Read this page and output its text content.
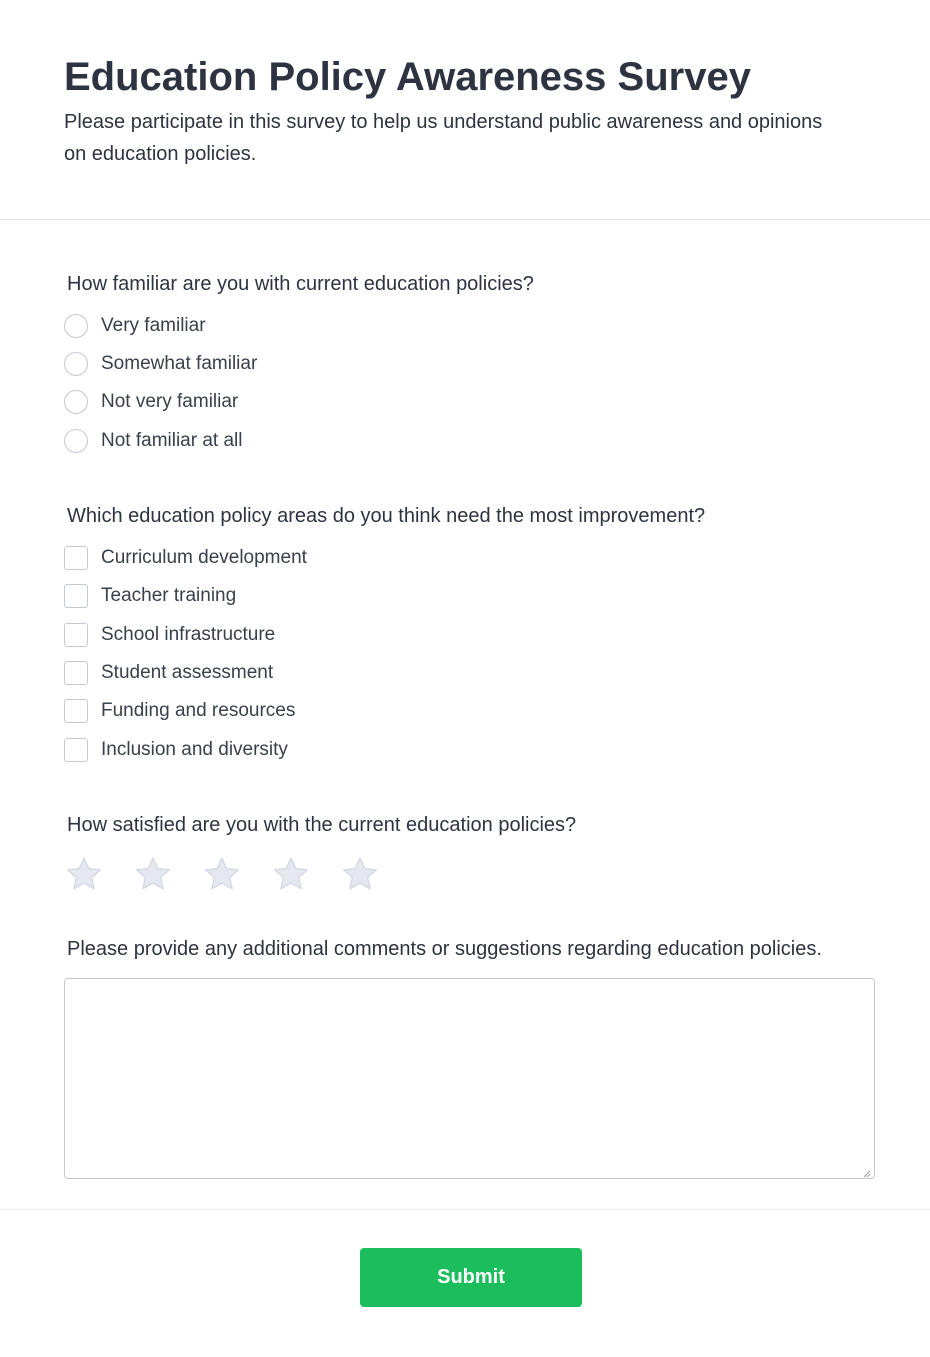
Education Policy Awareness Survey

Please participate in this survey to help us understand public awareness and opinions on education policies.

How familiar are you with current education policies?

Very familiar
Somewhat familiar
Not very familiar
Not familiar at all

Which education policy areas do you think need the most improvement?

Curriculum development
Teacher training
School infrastructure
Student assessment
Funding and resources
Inclusion and diversity

How satisfied are you with the current education policies?

Please provide any additional comments or suggestions regarding education policies.

Submit
